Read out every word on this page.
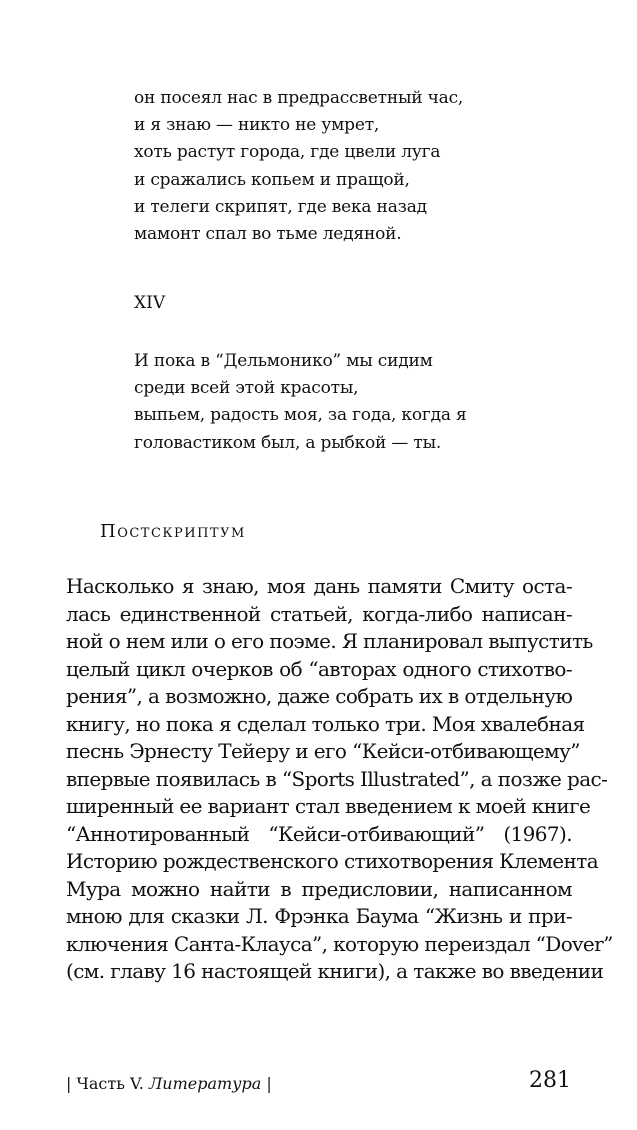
он посеял нас в предрассветный час,
и я знаю — никто не умрет,
хоть растут города, где цвели луга
и сражались копьем и пращой,
и телеги скрипят, где века назад
мамонт спал во тьме ледяной.
XIV
И пока в “Дельмонико” мы сидим
среди всей этой красоты,
выпьем, радость моя, за года, когда я
головастиком был, а рыбкой — ты.
Постскриптум
Насколько я знаю, моя дань памяти Смиту оста-
лась единственной статьей, когда-либо написан-
ной о нем или о его поэме. Я планировал выпустить
целый цикл очерков об “авторах одного стихотво-
рения”, а возможно, даже собрать их в отдельную
книгу, но пока я сделал только три. Моя хвалебная
песнь Эрнесту Тейеру и его “Кейси-отбивающему”
впервые появилась в “Sports Illustrated”, а позже рас-
ширенный ее вариант стал введением к моей книге
“Аннотированный “Кейси-отбивающий” (1967).
Историю рождественского стихотворения Клемента
Мура можно найти в предисловии, написанном
мною для сказки Л. Фрэнка Баума “Жизнь и при-
ключения Санта-Клауса”, которую переиздал “Dover”
(см. главу 16 настоящей книги), а также во введении
| Часть V. Литература |	281
